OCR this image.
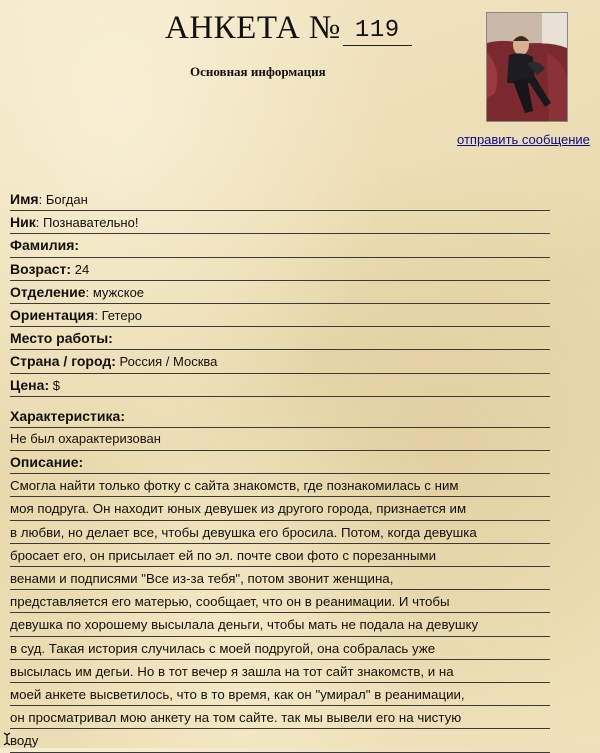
АНКЕТА № 119
Основная информация
отправить сообщение
Имя: Богдан
Ник: Познавательно!
Фамилия:
Возраст: 24
Отделение: мужское
Ориентация: Гетеро
Место работы:
Страна / город: Россия / Москва
Цена: $
Характеристика:
Не был охарактеризован
Описание:
Смогла найти только фотку с сайта знакомств, где познакомилась с ним
моя подруга. Он находит юных девушек из другого города, признается им
в любви, но делает все, чтобы девушка его бросила. Потом, когда девушка
бросает его, он присылает ей по эл. почте свои фото с порезанными
венами и подписями "Все из-за тебя", потом звонит женщина,
представляется его матерью, сообщает, что он в реанимации. И чтобы
девушка по хорошему высылала деньги, чтобы мать не подала на девушку
в суд. Такая история случилась с моей подругой, она собралась уже
высылась им дегьи. Но в тот вечер я зашла на тот сайт знакомств, и на
моей анкете высветилось, что в то время, как он "умирал" в реанимации,
он просматривал мою анкету на том сайте. так мы вывели его на чистую
воду
